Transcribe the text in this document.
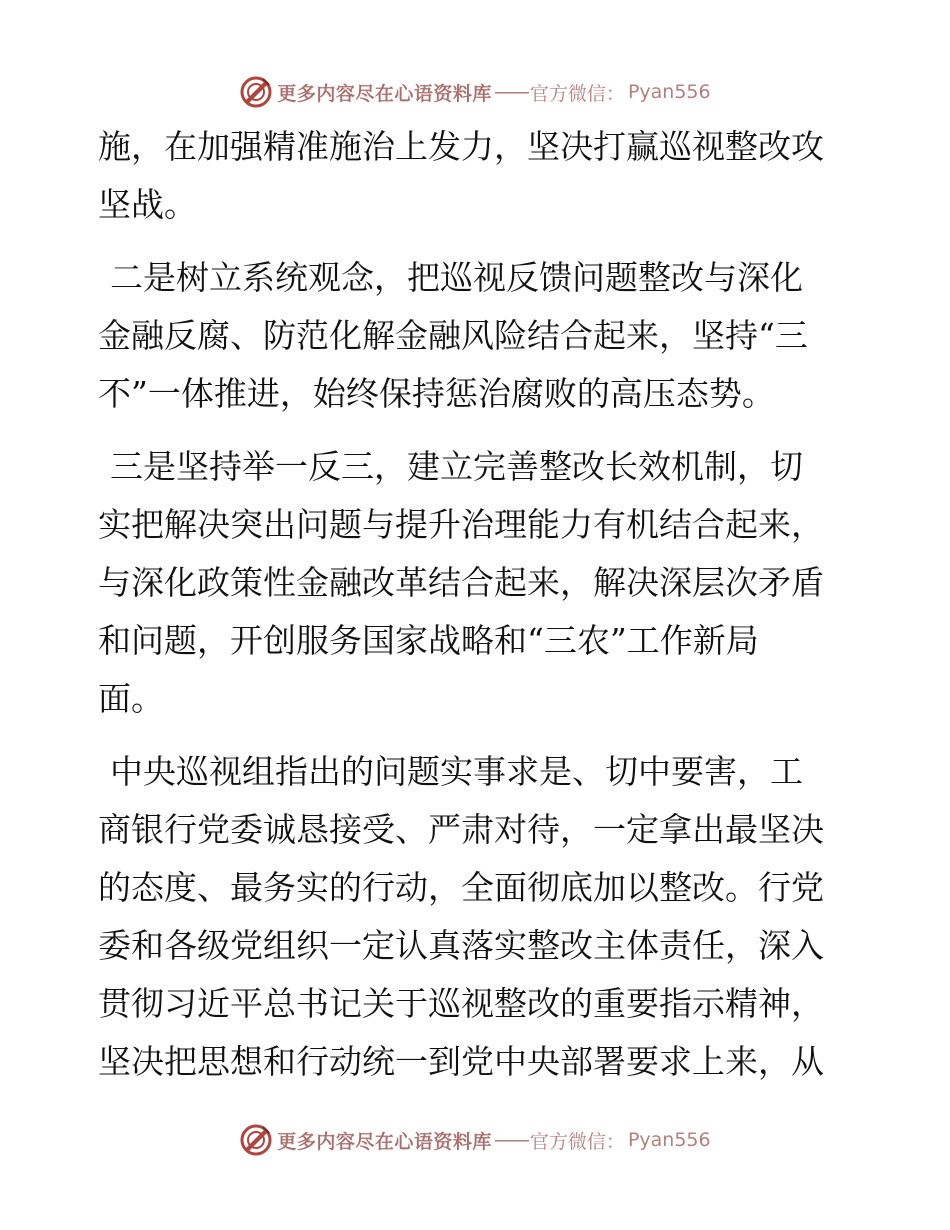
更多内容尽在心语资料库 —— 官方微信： Pyan556

施，在加强精准施治上发力，坚决打赢巡视整改攻
坚战。

二是树立系统观念，把巡视反馈问题整改与深化
金融反腐、防范化解金融风险结合起来，坚持“三
不”一体推进，始终保持惩治腐败的高压态势。

三是坚持举一反三，建立完善整改长效机制，切
实把解决突出问题与提升治理能力有机结合起来，
与深化政策性金融改革结合起来，解决深层次矛盾
和问题，开创服务国家战略和“三农”工作新局
面。

中央巡视组指出的问题实事求是、切中要害，工
商银行党委诚恳接受、严肃对待，一定拿出最坚决
的态度、最务实的行动，全面彻底加以整改。行党
委和各级党组织一定认真落实整改主体责任，深入
贯彻习近平总书记关于巡视整改的重要指示精神，
坚决把思想和行动统一到党中央部署要求上来，从

更多内容尽在心语资料库 —— 官方微信： Pyan556
